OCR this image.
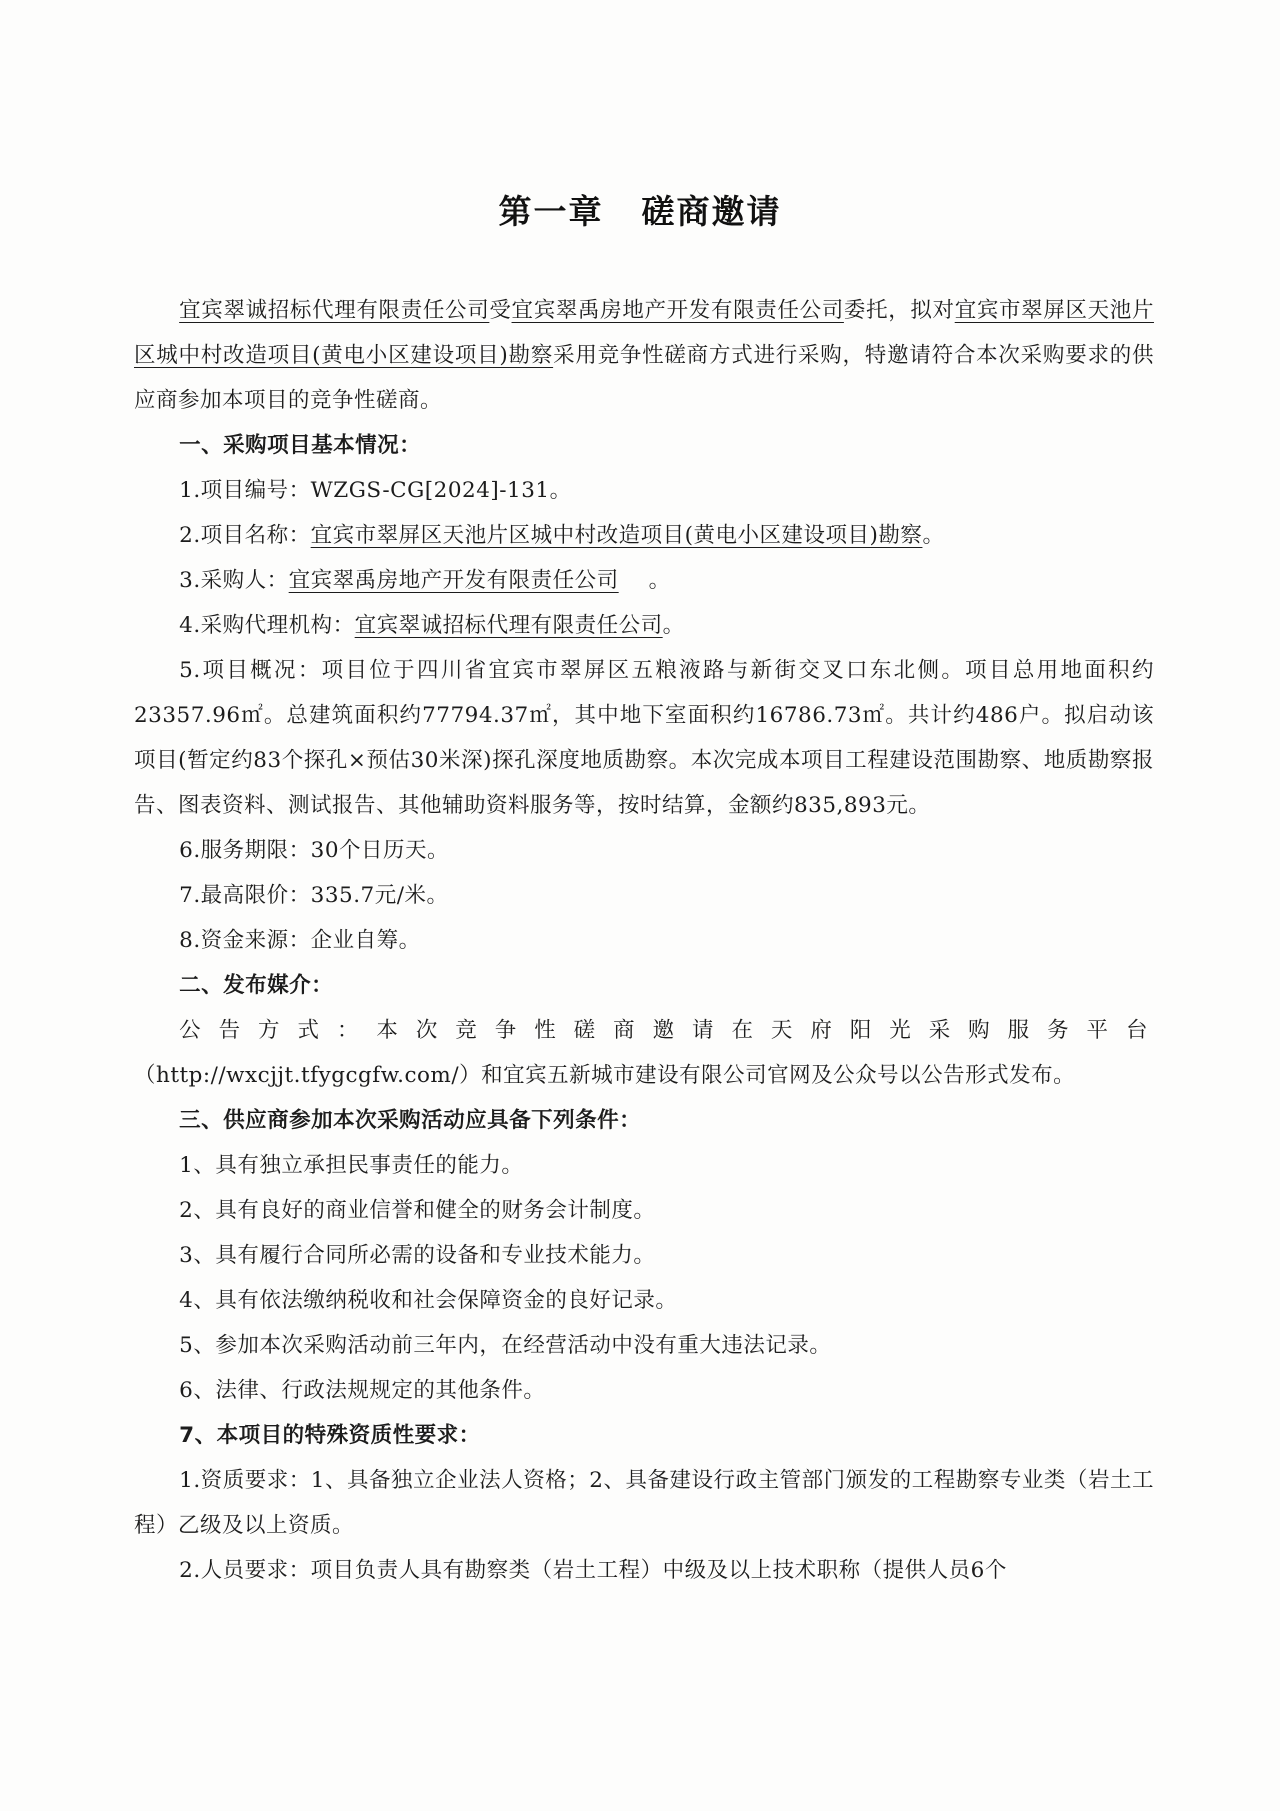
第一章 磋商邀请

宜宾翠诚招标代理有限责任公司受宜宾翠禹房地产开发有限责任公司委托，拟对宜宾市翠屏区天池片区城中村改造项目(黄电小区建设项目)勘察采用竞争性磋商方式进行采购，特邀请符合本次采购要求的供应商参加本项目的竞争性磋商。

一、采购项目基本情况：

1.项目编号：WZGS-CG[2024]-131。

2.项目名称：宜宾市翠屏区天池片区城中村改造项目(黄电小区建设项目)勘察。

3.采购人：宜宾翠禹房地产开发有限责任公司 。

4.采购代理机构：宜宾翠诚招标代理有限责任公司。

5.项目概况：项目位于四川省宜宾市翠屏区五粮液路与新街交叉口东北侧。项目总用地面积约23357.96㎡。总建筑面积约77794.37㎡，其中地下室面积约16786.73㎡。共计约486户。拟启动该项目(暂定约83个探孔×预估30米深)探孔深度地质勘察。本次完成本项目工程建设范围勘察、地质勘察报告、图表资料、测试报告、其他辅助资料服务等，按时结算，金额约835,893元。

6.服务期限：30个日历天。

7.最高限价：335.7元/米。

8.资金来源：企业自筹。

二、发布媒介：

公告方式：本次竞争性磋商邀请在天府阳光采购服务平台（http://wxcjjt.tfygcgfw.com/）和宜宾五新城市建设有限公司官网及公众号以公告形式发布。

三、供应商参加本次采购活动应具备下列条件：

1、具有独立承担民事责任的能力。

2、具有良好的商业信誉和健全的财务会计制度。

3、具有履行合同所必需的设备和专业技术能力。

4、具有依法缴纳税收和社会保障资金的良好记录。

5、参加本次采购活动前三年内，在经营活动中没有重大违法记录。

6、法律、行政法规规定的其他条件。

7、本项目的特殊资质性要求：

1.资质要求：1、具备独立企业法人资格；2、具备建设行政主管部门颁发的工程勘察专业类（岩土工程）乙级及以上资质。

2.人员要求：项目负责人具有勘察类（岩土工程）中级及以上技术职称（提供人员6个
